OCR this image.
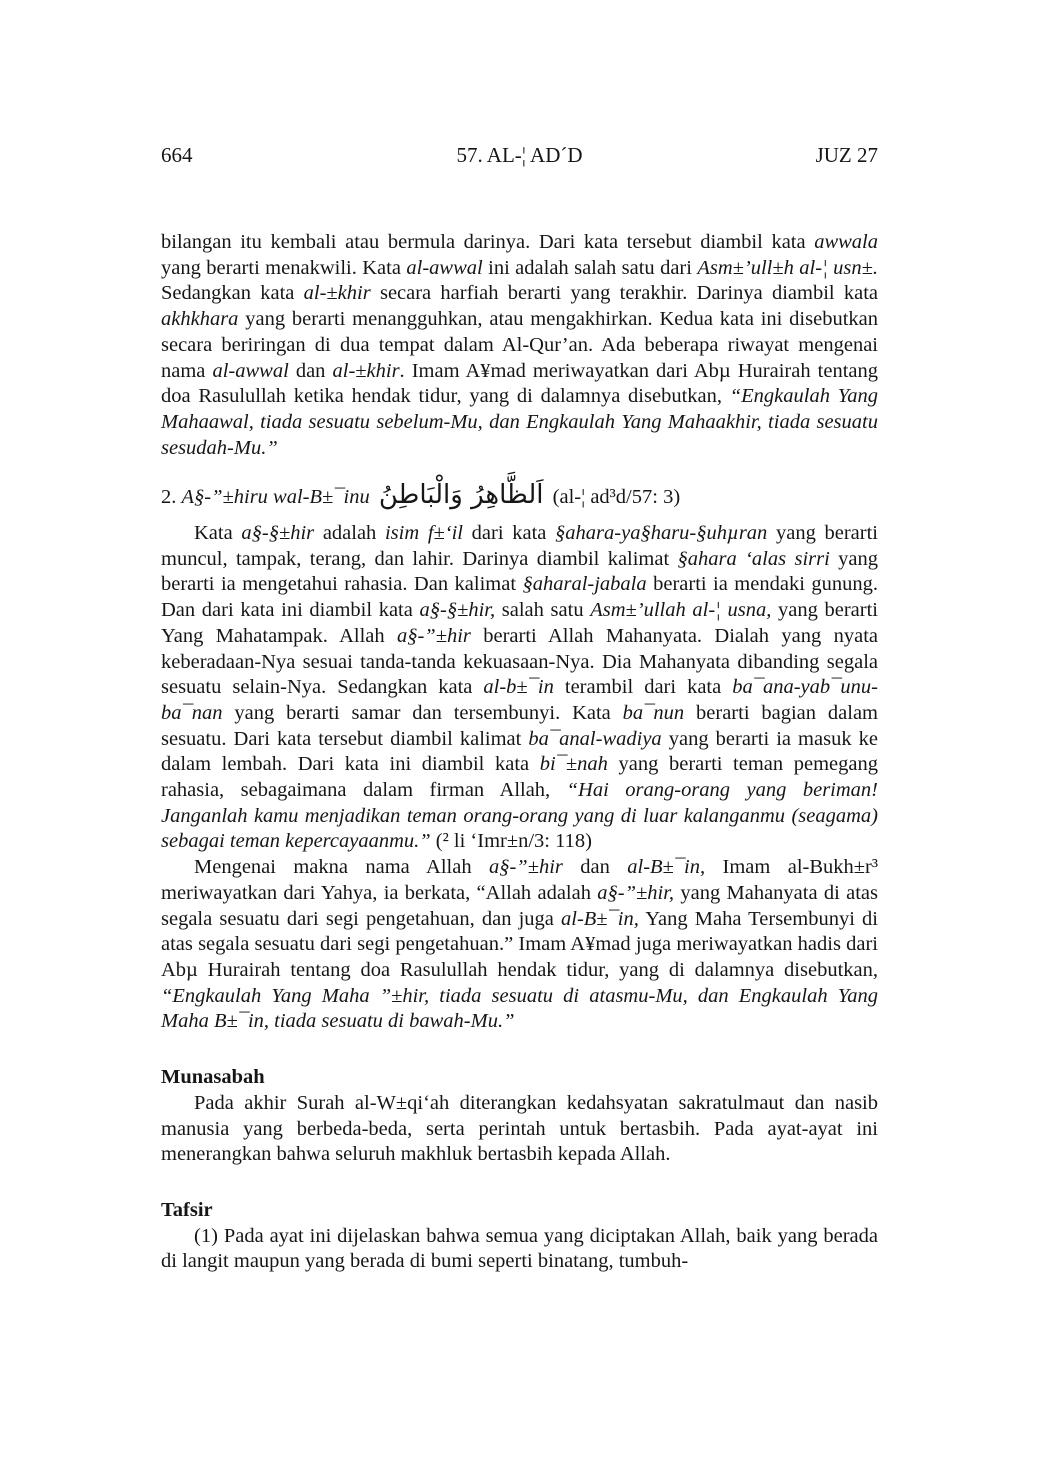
664	57. AL-¦ AD´D	JUZ 27

bilangan itu kembali atau bermula darinya. Dari kata tersebut diambil kata awwala yang berarti menakwili. Kata al-awwal ini adalah salah satu dari Asm±’ull±h al-¦ usn±. Sedangkan kata al-±khir secara harfiah berarti yang terakhir. Darinya diambil kata akhkhara yang berarti menangguhkan, atau mengakhirkan. Kedua kata ini disebutkan secara beriringan di dua tempat dalam Al-Qur’an. Ada beberapa riwayat mengenai nama al-awwal dan al-±khir. Imam A¥mad meriwayatkan dari Abµ Hurairah tentang doa Rasulullah ketika hendak tidur, yang di dalamnya disebutkan, “Engkaulah Yang Mahaawal, tiada sesuatu sebelum-Mu, dan Engkaulah Yang Mahaakhir, tiada sesuatu sesudah-Mu.”

2. A§-”±hiru wal-B±¯inu اَلظَّاهِرُ وَالْبَاطِنُ (al-¦ ad³d/57: 3)

Kata a§-§±hir adalah isim f±‘il dari kata §ahara-ya§haru-§uhµran yang berarti muncul, tampak, terang, dan lahir. Darinya diambil kalimat §ahara ‘alas sirri yang berarti ia mengetahui rahasia. Dan kalimat §aharal-jabala berarti ia mendaki gunung. Dan dari kata ini diambil kata a§-§±hir, salah satu Asm±’ullah al-¦ usna, yang berarti Yang Mahatampak. Allah a§-”±hir berarti Allah Mahanyata. Dialah yang nyata keberadaan-Nya sesuai tanda-tanda kekuasaan-Nya. Dia Mahanyata dibanding segala sesuatu selain-Nya. Sedangkan kata al-b±¯in terambil dari kata ba¯ana-yab¯unu-ba¯nan yang berarti samar dan tersembunyi. Kata ba¯nun berarti bagian dalam sesuatu. Dari kata tersebut diambil kalimat ba¯anal-wadiya yang berarti ia masuk ke dalam lembah. Dari kata ini diambil kata bi¯±nah yang berarti teman pemegang rahasia, sebagaimana dalam firman Allah, “Hai orang-orang yang beriman! Janganlah kamu menjadikan teman orang-orang yang di luar kalanganmu (seagama) sebagai teman kepercayaanmu.” (² li ‘Imr±n/3: 118)

Mengenai makna nama Allah a§-”±hir dan al-B±¯in, Imam al-Bukh±r³ meriwayatkan dari Yahya, ia berkata, “Allah adalah a§-”±hir, yang Mahanyata di atas segala sesuatu dari segi pengetahuan, dan juga al-B±¯in, Yang Maha Tersembunyi di atas segala sesuatu dari segi pengetahuan.” Imam A¥mad juga meriwayatkan hadis dari Abµ Hurairah tentang doa Rasulullah hendak tidur, yang di dalamnya disebutkan, “Engkaulah Yang Maha ”±hir, tiada sesuatu di atasmu-Mu, dan Engkaulah Yang Maha B±¯in, tiada sesuatu di bawah-Mu.”

Munasabah

Pada akhir Surah al-W±qi‘ah diterangkan kedahsyatan sakratulmaut dan nasib manusia yang berbeda-beda, serta perintah untuk bertasbih. Pada ayat-ayat ini menerangkan bahwa seluruh makhluk bertasbih kepada Allah.

Tafsir

(1) Pada ayat ini dijelaskan bahwa semua yang diciptakan Allah, baik yang berada di langit maupun yang berada di bumi seperti binatang, tumbuh-
